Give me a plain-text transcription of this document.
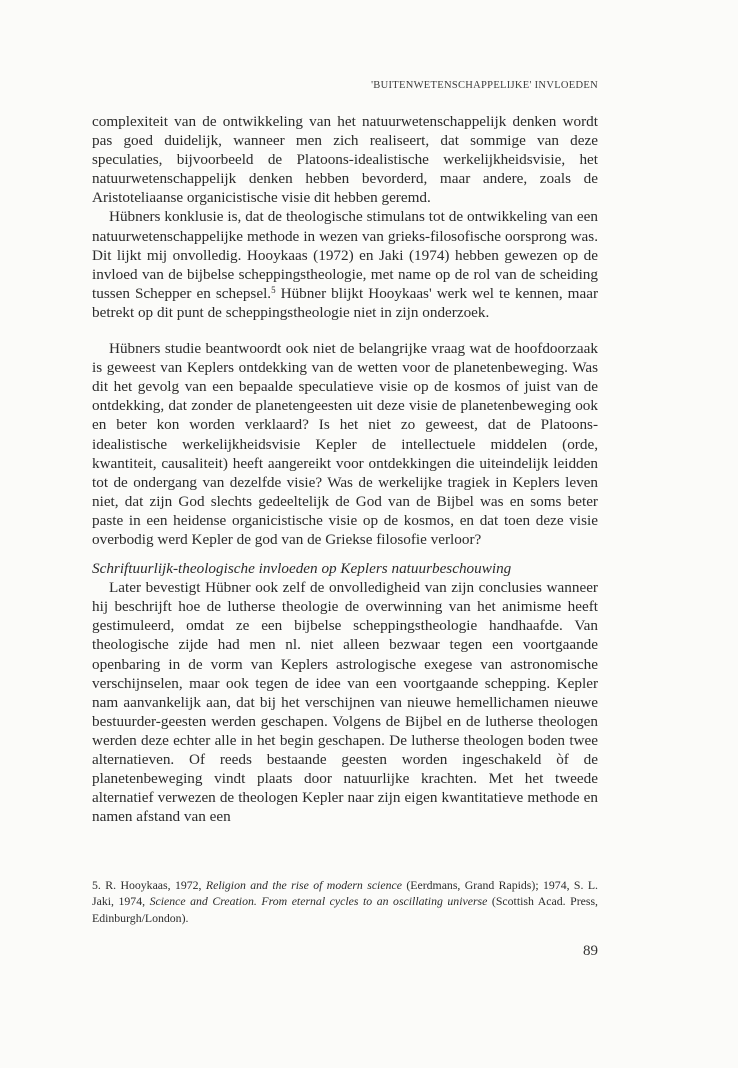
'BUITENWETENSCHAPPELIJKE' INVLOEDEN

complexiteit van de ontwikkeling van het natuurwetenschappelijk denken wordt pas goed duidelijk, wanneer men zich realiseert, dat sommige van deze speculaties, bijvoorbeeld de Platoons-idealistische werkelijkheidsvisie, het natuurwetenschappelijk denken hebben bevorderd, maar andere, zoals de Aristoteliaanse organicistische visie dit hebben geremd.

Hübners konklusie is, dat de theologische stimulans tot de ontwikkeling van een natuurwetenschappelijke methode in wezen van grieks-filosofische oorsprong was. Dit lijkt mij onvolledig. Hooykaas (1972) en Jaki (1974) hebben gewezen op de invloed van de bijbelse scheppingstheologie, met name op de rol van de scheiding tussen Schepper en schepsel.$^5$ Hübner blijkt Hooykaas' werk wel te kennen, maar betrekt op dit punt de scheppingstheologie niet in zijn onderzoek.

Hübners studie beantwoordt ook niet de belangrijke vraag wat de hoofdoorzaak is geweest van Keplers ontdekking van de wetten voor de planetenbeweging. Was dit het gevolg van een bepaalde speculatieve visie op de kosmos of juist van de ontdekking, dat zonder de planetengeesten uit deze visie de planetenbeweging ook en beter kon worden verklaard? Is het niet zo geweest, dat de Platoons-idealistische werkelijkheidsvisie Kepler de intellectuele middelen (orde, kwantiteit, causaliteit) heeft aangereikt voor ontdekkingen die uiteindelijk leidden tot de ondergang van dezelfde visie? Was de werkelijke tragiek in Keplers leven niet, dat zijn God slechts gedeeltelijk de God van de Bijbel was en soms beter paste in een heidense organicistische visie op de kosmos, en dat toen deze visie overbodig werd Kepler de god van de Griekse filosofie verloor?

Schriftuurlijk-theologische invloeden op Keplers natuurbeschouwing

Later bevestigt Hübner ook zelf de onvolledigheid van zijn conclusies wanneer hij beschrijft hoe de lutherse theologie de overwinning van het animisme heeft gestimuleerd, omdat ze een bijbelse scheppingstheologie handhaafde. Van theologische zijde had men nl. niet alleen bezwaar tegen een voortgaande openbaring in de vorm van Keplers astrologische exegese van astronomische verschijnselen, maar ook tegen de idee van een voortgaande schepping. Kepler nam aanvankelijk aan, dat bij het verschijnen van nieuwe hemellichamen nieuwe bestuurder-geesten werden geschapen. Volgens de Bijbel en de lutherse theologen werden deze echter alle in het begin geschapen. De lutherse theologen boden twee alternatieven. Of reeds bestaande geesten worden ingeschakeld òf de planetenbeweging vindt plaats door natuurlijke krachten. Met het tweede alternatief verwezen de theologen Kepler naar zijn eigen kwantitatieve methode en namen afstand van een

5. R. Hooykaas, 1972, Religion and the rise of modern science (Eerdmans, Grand Rapids); 1974, S. L. Jaki, 1974, Science and Creation. From eternal cycles to an oscillating universe (Scottish Acad. Press, Edinburgh/London).
89
